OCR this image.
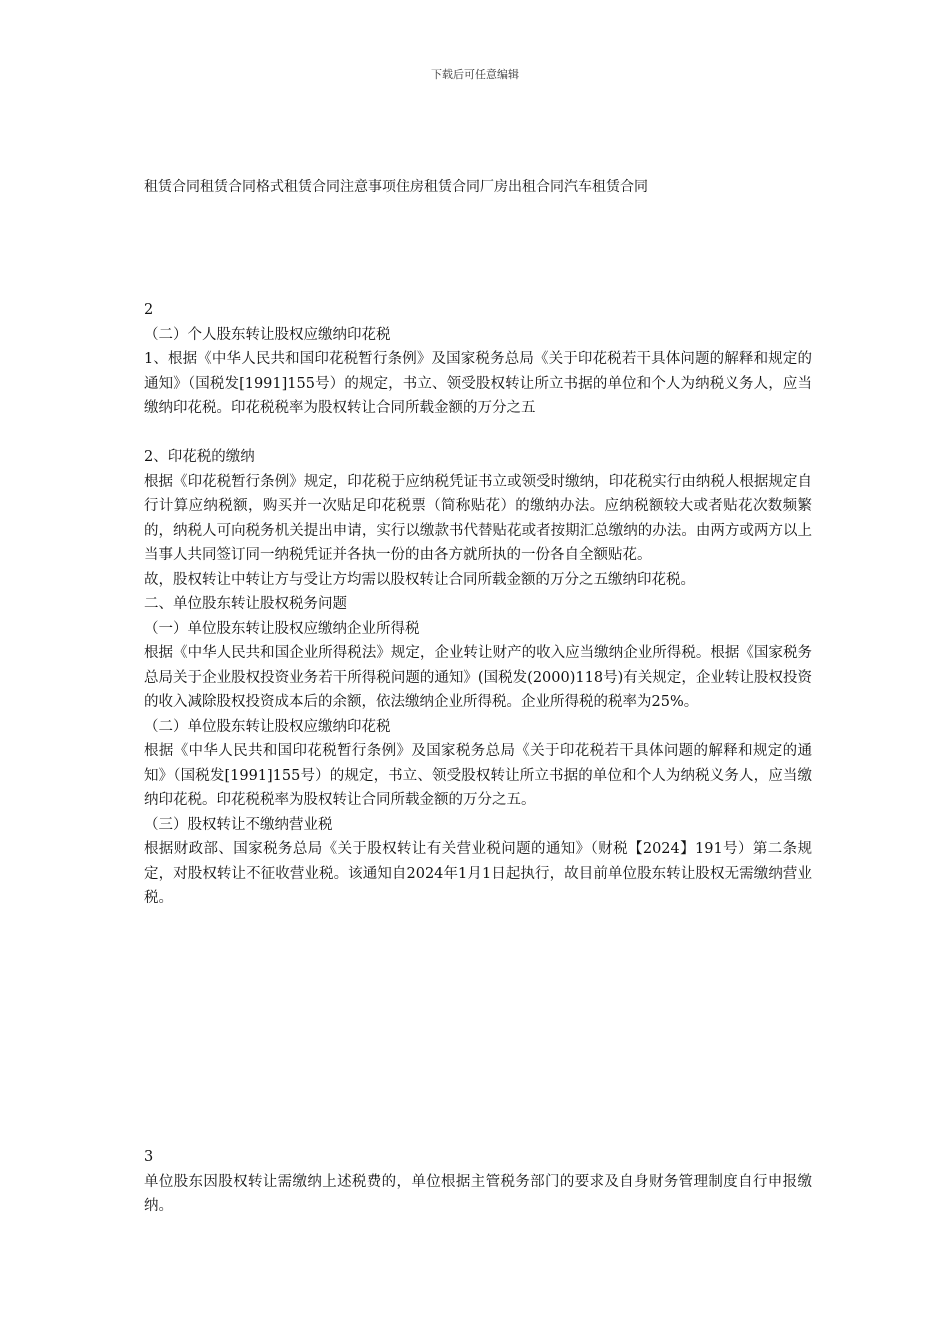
下载后可任意编辑
租赁合同租赁合同格式租赁合同注意事项住房租赁合同厂房出租合同汽车租赁合同

2

（二）个人股东转让股权应缴纳印花税

1、根据《中华人民共和国印花税暂行条例》及国家税务总局《关于印花税若干具体问题的解释和规定的通知》（国税发[1991]155号）的规定，书立、领受股权转让所立书据的单位和个人为纳税义务人，应当缴纳印花税。印花税税率为股权转让合同所载金额的万分之五

2、印花税的缴纳

根据《印花税暂行条例》规定，印花税于应纳税凭证书立或领受时缴纳，印花税实行由纳税人根据规定自行计算应纳税额，购买并一次贴足印花税票（简称贴花）的缴纳办法。应纳税额较大或者贴花次数频繁的，纳税人可向税务机关提出申请，实行以缴款书代替贴花或者按期汇总缴纳的办法。由两方或两方以上当事人共同签订同一纳税凭证并各执一份的由各方就所执的一份各自全额贴花。

故，股权转让中转让方与受让方均需以股权转让合同所载金额的万分之五缴纳印花税。

二、单位股东转让股权税务问题

（一）单位股东转让股权应缴纳企业所得税

根据《中华人民共和国企业所得税法》规定，企业转让财产的收入应当缴纳企业所得税。根据《国家税务总局关于企业股权投资业务若干所得税问题的通知》(国税发(2000)118号)有关规定，企业转让股权投资的收入减除股权投资成本后的余额，依法缴纳企业所得税。企业所得税的税率为25%。

（二）单位股东转让股权应缴纳印花税

根据《中华人民共和国印花税暂行条例》及国家税务总局《关于印花税若干具体问题的解释和规定的通知》（国税发[1991]155号）的规定，书立、领受股权转让所立书据的单位和个人为纳税义务人，应当缴纳印花税。印花税税率为股权转让合同所载金额的万分之五。

（三）股权转让不缴纳营业税

根据财政部、国家税务总局《关于股权转让有关营业税问题的通知》（财税【2024】191号）第二条规定，对股权转让不征收营业税。该通知自2024年1月1日起执行，故目前单位股东转让股权无需缴纳营业税。

3

单位股东因股权转让需缴纳上述税费的，单位根据主管税务部门的要求及自身财务管理制度自行申报缴纳。
